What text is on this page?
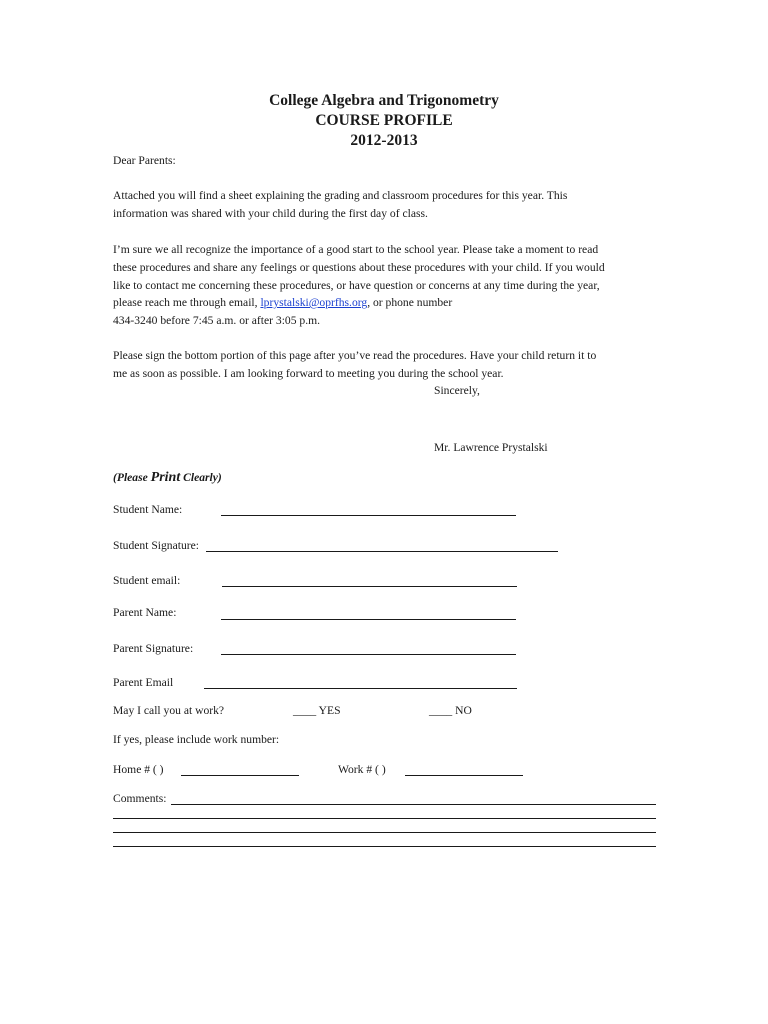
College Algebra and Trigonometry
COURSE PROFILE
2012-2013
Dear Parents:
Attached you will find a sheet explaining the grading and classroom procedures for this year. This
information was shared with your child during the first day of class.
I’m sure we all recognize the importance of a good start to the school year. Please take a moment to read
these procedures and share any feelings or questions about these procedures with your child. If you would
like to contact me concerning these procedures, or have question or concerns at any time during the year,
please reach me through email, lprystalski@oprfhs.org, or phone number
434-3240 before 7:45 a.m. or after 3:05 p.m.
Please sign the bottom portion of this page after you’ve read the procedures. Have your child return it to
me as soon as possible. I am looking forward to meeting you during the school year.
Sincerely,
Mr. Lawrence Prystalski
(Please Print Clearly)
Student Name:
Student Signature:
Student email:
Parent Name:
Parent Signature:
Parent Email
May I call you at work?	____ YES	____ NO
If yes, please include work number:
Home # ( )	Work # ( )
Comments:
